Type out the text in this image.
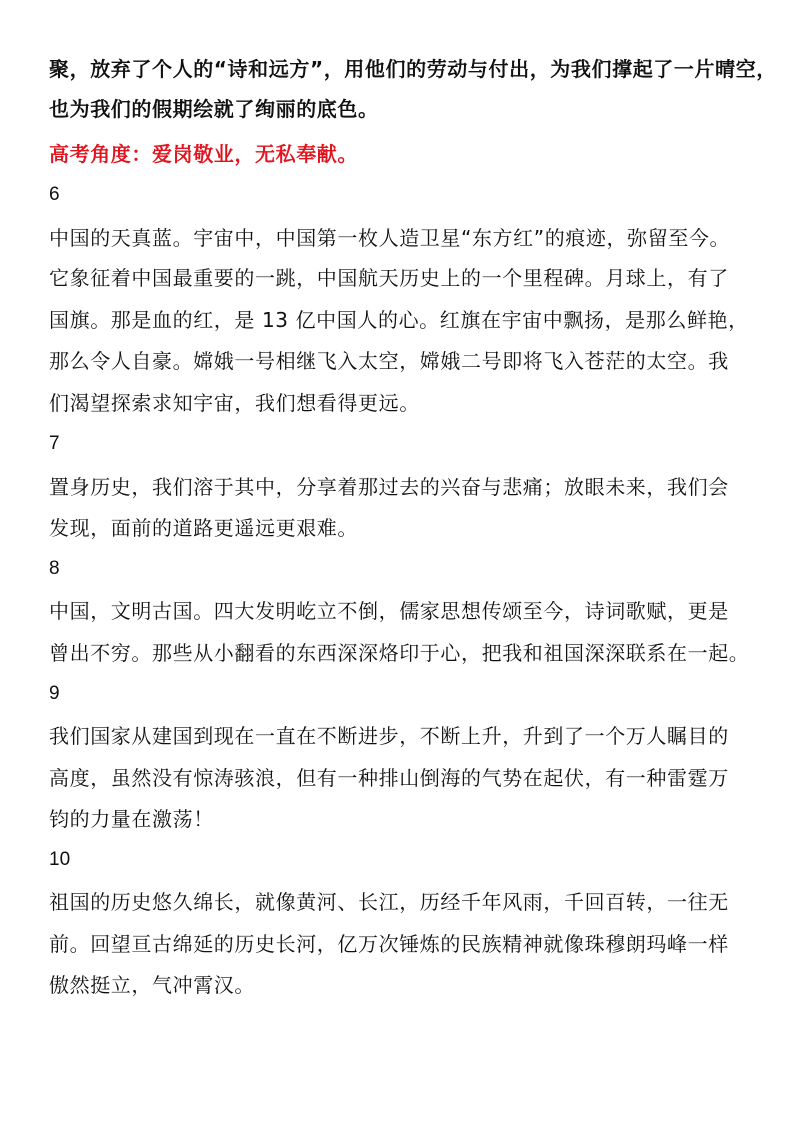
聚，放弃了个人的“诗和远方”，用他们的劳动与付出，为我们撑起了一片晴空，
也为我们的假期绘就了绚丽的底色。
高考角度：爱岗敬业，无私奉献。
6
中国的天真蓝。宇宙中，中国第一枚人造卫星“东方红”的痕迹，弥留至今。
它象征着中国最重要的一跳，中国航天历史上的一个里程碑。月球上，有了
国旗。那是血的红，是 13 亿中国人的心。红旗在宇宙中飘扬，是那么鲜艳，
那么令人自豪。嫦娥一号相继飞入太空，嫦娥二号即将飞入苍茫的太空。我
们渴望探索求知宇宙，我们想看得更远。
7
置身历史，我们溶于其中，分享着那过去的兴奋与悲痛；放眼未来，我们会
发现，面前的道路更遥远更艰难。
8
中国，文明古国。四大发明屹立不倒，儒家思想传颂至今，诗词歌赋，更是
曾出不穷。那些从小翻看的东西深深烙印于心，把我和祖国深深联系在一起。
9
我们国家从建国到现在一直在不断进步，不断上升，升到了一个万人瞩目的
高度，虽然没有惊涛骇浪，但有一种排山倒海的气势在起伏，有一种雷霆万
钧的力量在激荡！
10
祖国的历史悠久绵长，就像黄河、长江，历经千年风雨，千回百转，一往无
前。回望亘古绵延的历史长河，亿万次锤炼的民族精神就像珠穆朗玛峰一样
傲然挺立，气冲霄汉。
